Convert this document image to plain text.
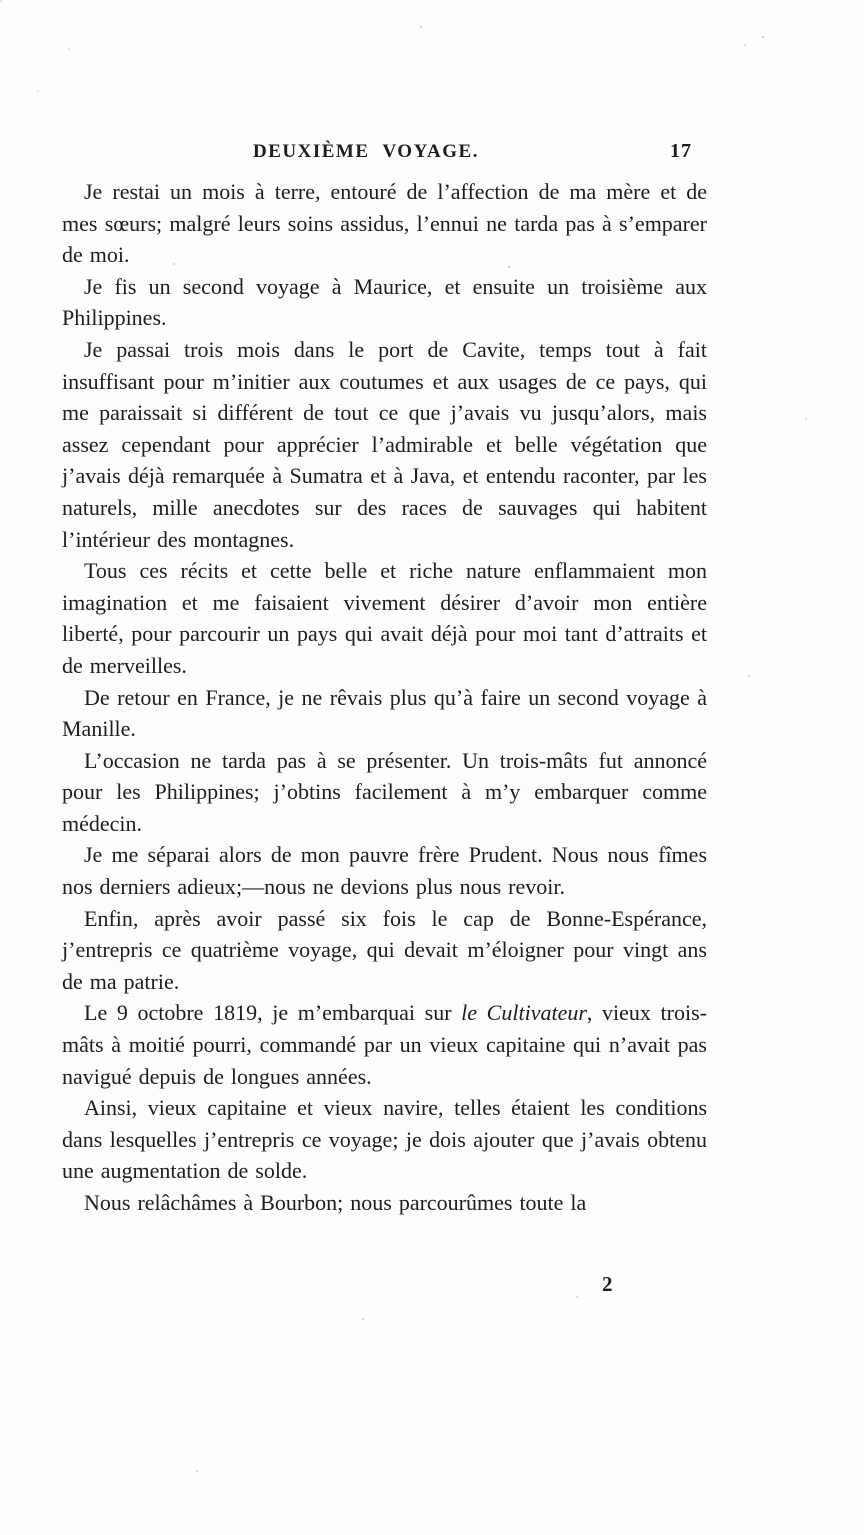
DEUXIÈME VOYAGE.	17

Je restai un mois à terre, entouré de l’affection de ma mère et de mes sœurs; malgré leurs soins assidus, l’ennui ne tarda pas à s’emparer de moi.

Je fis un second voyage à Maurice, et ensuite un troisième aux Philippines.

Je passai trois mois dans le port de Cavite, temps tout à fait insuffisant pour m’initier aux coutumes et aux usages de ce pays, qui me paraissait si différent de tout ce que j’avais vu jusqu’alors, mais assez cependant pour apprécier l’admirable et belle végétation que j’avais déjà remarquée à Sumatra et à Java, et entendu raconter, par les naturels, mille anecdotes sur des races de sauvages qui habitent l’intérieur des montagnes.

Tous ces récits et cette belle et riche nature enflammaient mon imagination et me faisaient vivement désirer d’avoir mon entière liberté, pour parcourir un pays qui avait déjà pour moi tant d’attraits et de merveilles.

De retour en France, je ne rêvais plus qu’à faire un second voyage à Manille.

L’occasion ne tarda pas à se présenter. Un trois-mâts fut annoncé pour les Philippines; j’obtins facilement à m’y embarquer comme médecin.

Je me séparai alors de mon pauvre frère Prudent. Nous nous fîmes nos derniers adieux;—nous ne devions plus nous revoir.

Enfin, après avoir passé six fois le cap de Bonne-Espérance, j’entrepris ce quatrième voyage, qui devait m’éloigner pour vingt ans de ma patrie.

Le 9 octobre 1819, je m’embarquai sur le Cultivateur, vieux trois-mâts à moitié pourri, commandé par un vieux capitaine qui n’avait pas navigué depuis de longues années.

Ainsi, vieux capitaine et vieux navire, telles étaient les conditions dans lesquelles j’entrepris ce voyage; je dois ajouter que j’avais obtenu une augmentation de solde.

Nous relâchâmes à Bourbon; nous parcourûmes toute la

2
